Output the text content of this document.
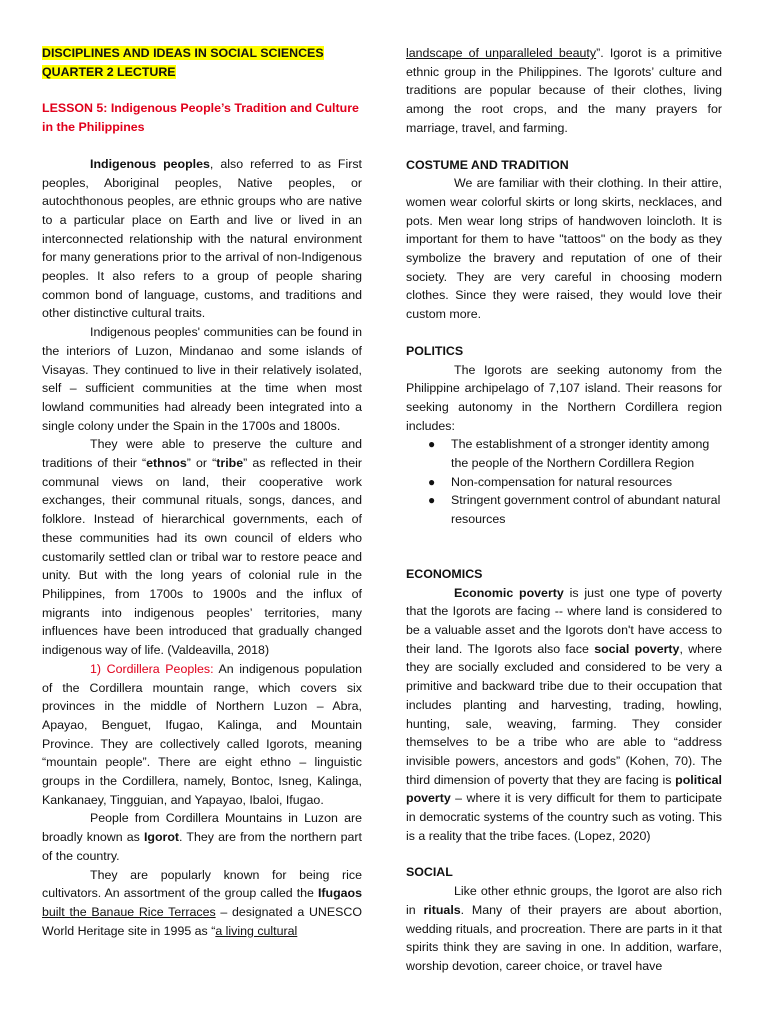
DISCIPLINES AND IDEAS IN SOCIAL SCIENCES

QUARTER 2 LECTURE

LESSON 5: Indigenous People’s Tradition and Culture in the Philippines

Indigenous peoples, also referred to as First peoples, Aboriginal peoples, Native peoples, or autochthonous peoples, are ethnic groups who are native to a particular place on Earth and live or lived in an interconnected relationship with the natural environment for many generations prior to the arrival of non-Indigenous peoples. It also refers to a group of people sharing common bond of language, customs, and traditions and other distinctive cultural traits.

Indigenous peoples' communities can be found in the interiors of Luzon, Mindanao and some islands of Visayas. They continued to live in their relatively isolated, self – sufficient communities at the time when most lowland communities had already been integrated into a single colony under the Spain in the 1700s and 1800s.

They were able to preserve the culture and traditions of their “ethnos” or “tribe” as reflected in their communal views on land, their cooperative work exchanges, their communal rituals, songs, dances, and folklore. Instead of hierarchical governments, each of these communities had its own council of elders who customarily settled clan or tribal war to restore peace and unity. But with the long years of colonial rule in the Philippines, from 1700s to 1900s and the influx of migrants into indigenous peoples’ territories, many influences have been introduced that gradually changed indigenous way of life. (Valdeavilla, 2018)

1) Cordillera Peoples: An indigenous population of the Cordillera mountain range, which covers six provinces in the middle of Northern Luzon – Abra, Apayao, Benguet, Ifugao, Kalinga, and Mountain Province. They are collectively called Igorots, meaning “mountain people”. There are eight ethno – linguistic groups in the Cordillera, namely, Bontoc, Isneg, Kalinga, Kankanaey, Tingguian, and Yapayao, Ibaloi, Ifugao.

People from Cordillera Mountains in Luzon are broadly known as Igorot. They are from the northern part of the country.

They are popularly known for being rice cultivators. An assortment of the group called the Ifugaos built the Banaue Rice Terraces – designated a UNESCO World Heritage site in 1995 as “a living cultural

landscape of unparalleled beauty”. Igorot is a primitive ethnic group in the Philippines. The Igorots’ culture and traditions are popular because of their clothes, living among the root crops, and the many prayers for marriage, travel, and farming.

COSTUME AND TRADITION

We are familiar with their clothing. In their attire, women wear colorful skirts or long skirts, necklaces, and pots. Men wear long strips of handwoven loincloth. It is important for them to have "tattoos" on the body as they symbolize the bravery and reputation of one of their society. They are very careful in choosing modern clothes. Since they were raised, they would love their custom more.

POLITICS

The Igorots are seeking autonomy from the Philippine archipelago of 7,107 island. Their reasons for seeking autonomy in the Northern Cordillera region includes:

● The establishment of a stronger identity among the people of the Northern Cordillera Region
● Non-compensation for natural resources
● Stringent government control of abundant natural resources

ECONOMICS

Economic poverty is just one type of poverty that the Igorots are facing -- where land is considered to be a valuable asset and the Igorots don't have access to their land. The Igorots also face social poverty, where they are socially excluded and considered to be very a primitive and backward tribe due to their occupation that includes planting and harvesting, trading, howling, hunting, sale, weaving, farming. They consider themselves to be a tribe who are able to “address invisible powers, ancestors and gods” (Kohen, 70). The third dimension of poverty that they are facing is political poverty – where it is very difficult for them to participate in democratic systems of the country such as voting. This is a reality that the tribe faces. (Lopez, 2020)

SOCIAL

Like other ethnic groups, the Igorot are also rich in rituals. Many of their prayers are about abortion, wedding rituals, and procreation. There are parts in it that spirits think they are saving in one. In addition, warfare, worship devotion, career choice, or travel have
